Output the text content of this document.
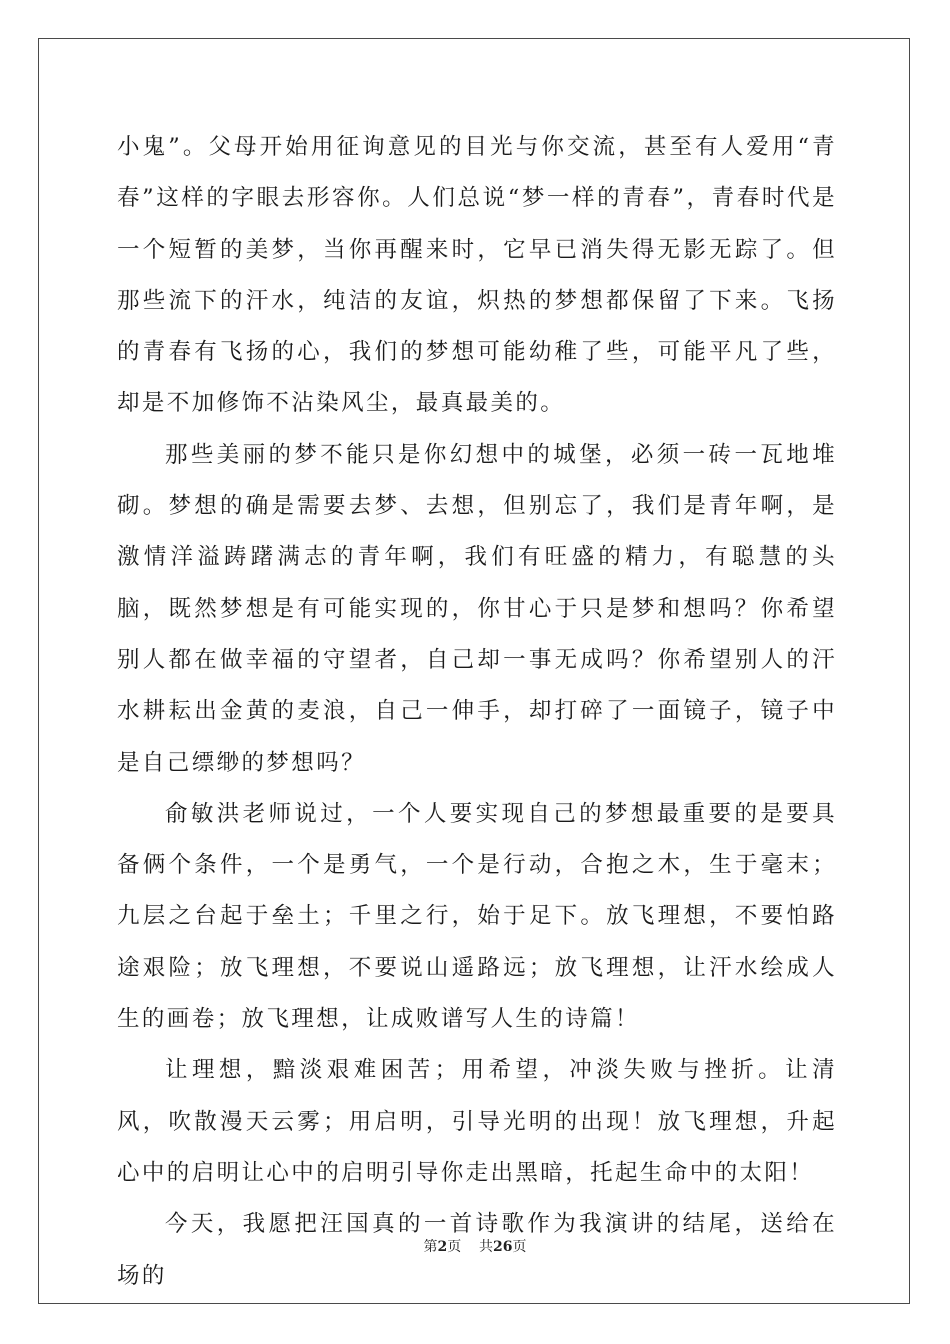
小鬼”。父母开始用征询意见的目光与你交流，甚至有人爱用“青春”这样的字眼去形容你。人们总说“梦一样的青春”，青春时代是一个短暂的美梦，当你再醒来时，它早已消失得无影无踪了。但那些流下的汗水，纯洁的友谊，炽热的梦想都保留了下来。飞扬的青春有飞扬的心，我们的梦想可能幼稚了些，可能平凡了些，却是不加修饰不沾染风尘，最真最美的。

那些美丽的梦不能只是你幻想中的城堡，必须一砖一瓦地堆砌。梦想的确是需要去梦、去想，但别忘了，我们是青年啊，是激情洋溢踌躇满志的青年啊，我们有旺盛的精力，有聪慧的头脑，既然梦想是有可能实现的，你甘心于只是梦和想吗？你希望别人都在做幸福的守望者，自己却一事无成吗？你希望别人的汗水耕耘出金黄的麦浪，自己一伸手，却打碎了一面镜子，镜子中是自己缥缈的梦想吗？

俞敏洪老师说过，一个人要实现自己的梦想最重要的是要具备俩个条件，一个是勇气，一个是行动，合抱之木，生于毫末；九层之台起于垒土；千里之行，始于足下。放飞理想，不要怕路途艰险；放飞理想，不要说山遥路远；放飞理想，让汗水绘成人生的画卷；放飞理想，让成败谱写人生的诗篇！

让理想，黯淡艰难困苦；用希望，冲淡失败与挫折。让清风，吹散漫天云雾；用启明，引导光明的出现！放飞理想，升起心中的启明让心中的启明引导你走出黑暗，托起生命中的太阳！

今天，我愿把汪国真的一首诗歌作为我演讲的结尾，送给在场的

第2页 共26页
